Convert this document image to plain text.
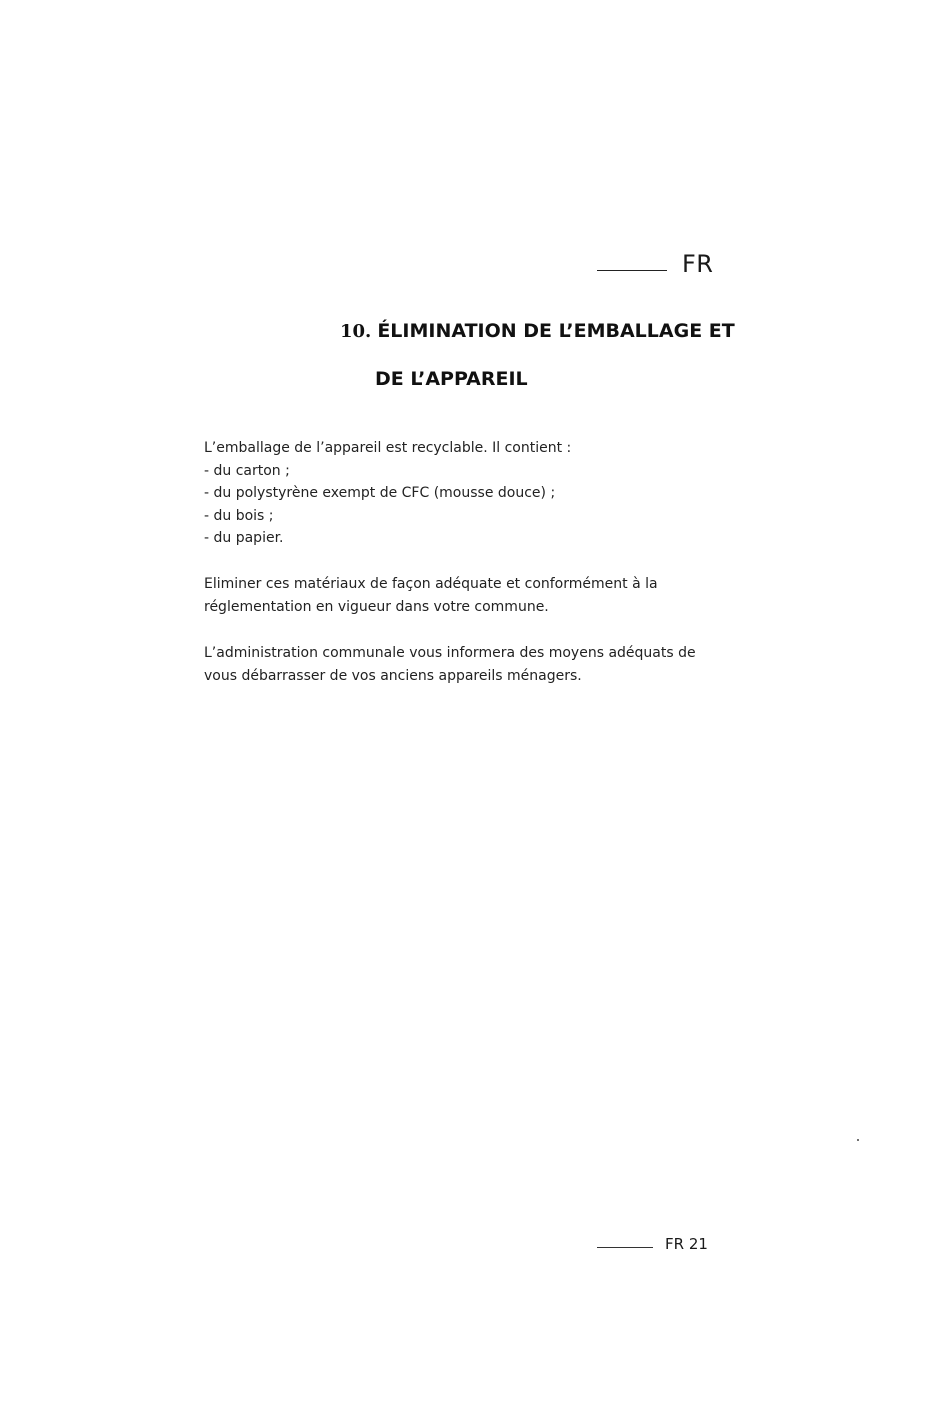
FR
10. ÉLIMINATION DE L’EMBALLAGE ET
DE L’APPAREIL

L’emballage de l’appareil est recyclable. Il contient :

- du carton ;
- du polystyrène exempt de CFC (mousse douce) ;
- du bois ;
- du papier.

Eliminer ces matériaux de façon adéquate et conformément à la

réglementation en vigueur dans votre commune.

L’administration communale vous informera des moyens adéquats de

vous débarrasser de vos anciens appareils ménagers.

FR 21
